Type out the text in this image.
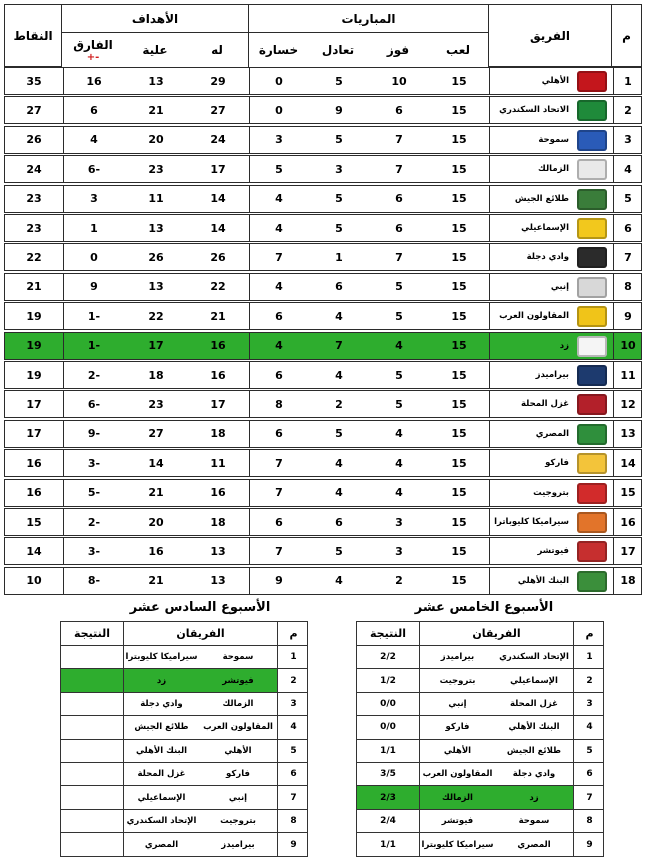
النقاط
الأهداف	المباريات
الفريق	م
الفارق
+-	علية	له	خسارة	تعادل	فوز	لعب
35	16	13	29	0	5	10	15	الأهلي	1
27	6	21	27	0	9	6	15	الاتحاد السكندري	2
26	4	20	24	3	5	7	15	سموحة	3
24	6-	23	17	5	3	7	15	الزمالك	4
23	3	11	14	4	5	6	15	طلائع الجيش	5
23	1	13	14	4	5	6	15	الإسماعيلي	6
22	0	26	26	7	1	7	15	وادي دجلة	7
21	9	13	22	4	6	5	15	إنبي	8
19	1-	22	21	6	4	5	15	المقاولون العرب	9
19	1-	17	16	4	7	4	15	زد	10
19	2-	18	16	6	4	5	15	بيراميدز	11
17	6-	23	17	8	2	5	15	غزل المحلة	12
17	9-	27	18	6	5	4	15	المصري	13
16	3-	14	11	7	4	4	15	فاركو	14
16	5-	21	16	7	4	4	15	بتروجيت	15
15	2-	20	18	6	6	3	15	سيراميكا كليوباترا	16
14	3-	16	13	7	5	3	15	فيوتشر	17
10	8-	21	13	9	4	2	15	البنك الأهلي	18
الأسبوع السادس عشر
النتيجة	الفريقان	م
سيراميكا كليوبترا	سموحة	1
زد	فيوتشر	2
وادي دجلة	الزمالك	3
طلائع الجيش	المقاولون العرب	4
البنك الأهلي	الأهلي	5
غزل المحلة	فاركو	6
الإسماعيلي	إنبي	7
الإتحاد السكندري	بتروجيت	8
المصري	بيراميدز	9
الأسبوع الخامس عشر
النتيجة	الفريقان	م
2/2	بيراميدز	الإتحاد السكندري	1
1/2	بتروجيت	الإسماعيلي	2
0/0	إنبي	غزل المحلة	3
0/0	فاركو	البنك الأهلي	4
1/1	الأهلي	طلائع الجيش	5
3/5	المقاولون العرب	وادي دجلة	6
2/3	الزمالك	زد	7
2/4	فيوتشر	سموحة	8
1/1	سيراميكا كليوبترا	المصري	9
